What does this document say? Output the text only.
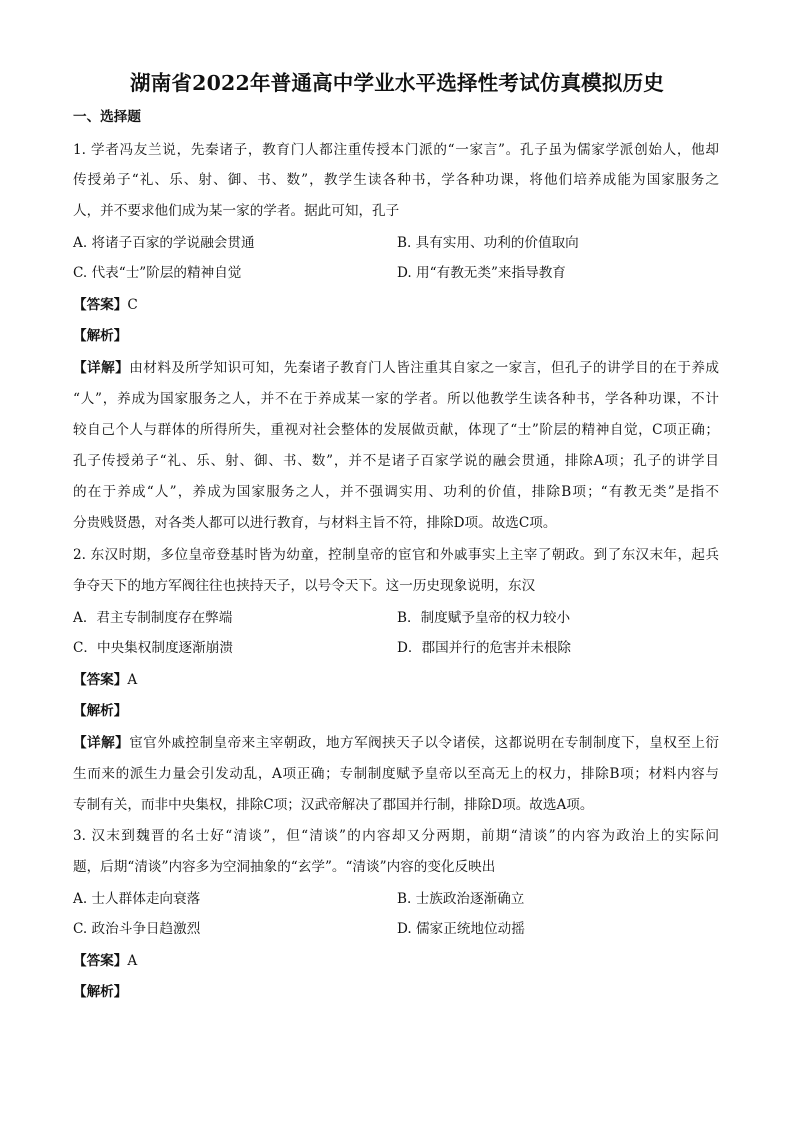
湖南省2022年普通高中学业水平选择性考试仿真模拟历史
一、选择题
1. 学者冯友兰说，先秦诸子，教育门人都注重传授本门派的“一家言”。孔子虽为儒家学派创始人，他却
传授弟子“礼、乐、射、御、书、数”，教学生读各种书，学各种功课，将他们培养成能为国家服务之
人，并不要求他们成为某一家的学者。据此可知，孔子
A. 将诸子百家的学说融会贯通	B. 具有实用、功利的价值取向
C. 代表“士”阶层的精神自觉	D. 用“有教无类”来指导教育
【答案】C
【解析】
【详解】由材料及所学知识可知，先秦诸子教育门人皆注重其自家之一家言，但孔子的讲学目的在于养成
“人”，养成为国家服务之人，并不在于养成某一家的学者。所以他教学生读各种书，学各种功课，不计
较自己个人与群体的所得所失，重视对社会整体的发展做贡献，体现了“士”阶层的精神自觉，C项正确；
孔子传授弟子“礼、乐、射、御、书、数”，并不是诸子百家学说的融会贯通，排除A项；孔子的讲学目
的在于养成“人”，养成为国家服务之人，并不强调实用、功利的价值，排除B项；“有教无类”是指不
分贵贱贤愚，对各类人都可以进行教育，与材料主旨不符，排除D项。故选C项。
2. 东汉时期，多位皇帝登基时皆为幼童，控制皇帝的宦官和外戚事实上主宰了朝政。到了东汉末年，起兵
争夺天下的地方军阀往往也挟持天子，以号令天下。这一历史现象说明，东汉
A．君主专制制度存在弊端	B．制度赋予皇帝的权力较小
C．中央集权制度逐渐崩溃	D．郡国并行的危害并未根除
【答案】A
【解析】
【详解】宦官外戚控制皇帝来主宰朝政，地方军阀挟天子以令诸侯，这都说明在专制制度下，皇权至上衍
生而来的派生力量会引发动乱，A项正确；专制制度赋予皇帝以至高无上的权力，排除B项；材料内容与
专制有关，而非中央集权，排除C项；汉武帝解决了郡国并行制，排除D项。故选A项。
3. 汉末到魏晋的名士好“清谈”，但“清谈”的内容却又分两期，前期“清谈”的内容为政治上的实际问
题，后期“清谈”内容多为空洞抽象的“玄学”。“清谈”内容的变化反映出
A. 士人群体走向衰落	B. 士族政治逐渐确立
C. 政治斗争日趋激烈	D. 儒家正统地位动摇
【答案】A
【解析】
